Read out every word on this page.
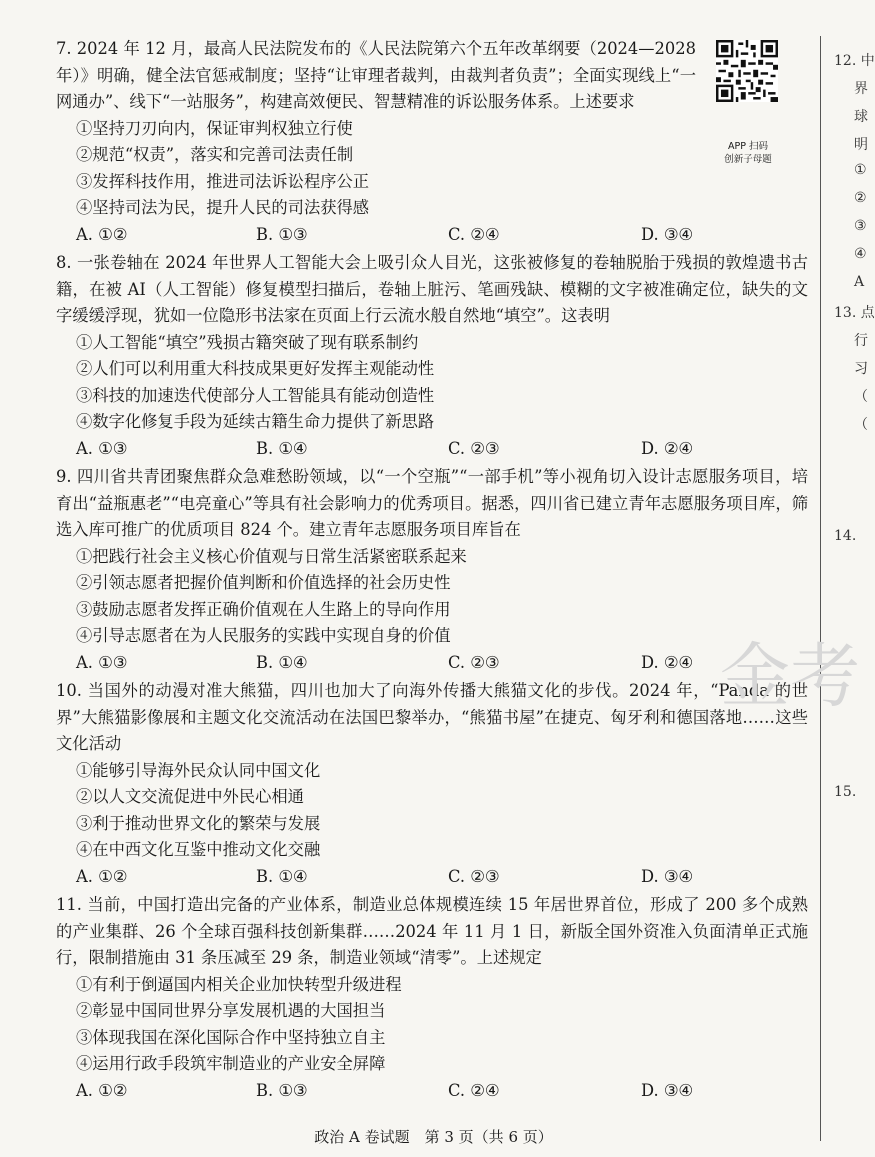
7. 2024 年 12 月，最高人民法院发布的《人民法院第六个五年改革纲要（2024—2028 年）》明确，健全法官惩戒制度；坚持“让审理者裁判，由裁判者负责”；全面实现线上“一网通办”、线下“一站服务”，构建高效便民、智慧精准的诉讼服务体系。上述要求

①坚持刀刃向内，保证审判权独立行使

②规范“权责”，落实和完善司法责任制

③发挥科技作用，推进司法诉讼程序公正

④坚持司法为民，提升人民的司法获得感

A. ①②	B. ①③	C. ②④	D. ③④

8. 一张卷轴在 2024 年世界人工智能大会上吸引众人目光，这张被修复的卷轴脱胎于残损的敦煌遗书古籍，在被 AI（人工智能）修复模型扫描后，卷轴上脏污、笔画残缺、模糊的文字被准确定位，缺失的文字缓缓浮现，犹如一位隐形书法家在页面上行云流水般自然地“填空”。这表明

①人工智能“填空”残损古籍突破了现有联系制约

②人们可以利用重大科技成果更好发挥主观能动性

③科技的加速迭代使部分人工智能具有能动创造性

④数字化修复手段为延续古籍生命力提供了新思路

A. ①③	B. ①④	C. ②③	D. ②④

9. 四川省共青团聚焦群众急难愁盼领域，以“一个空瓶”“一部手机”等小视角切入设计志愿服务项目，培育出“益瓶惠老”“电亮童心”等具有社会影响力的优秀项目。据悉，四川省已建立青年志愿服务项目库，筛选入库可推广的优质项目 824 个。建立青年志愿服务项目库旨在

①把践行社会主义核心价值观与日常生活紧密联系起来

②引领志愿者把握价值判断和价值选择的社会历史性

③鼓励志愿者发挥正确价值观在人生路上的导向作用

④引导志愿者在为人民服务的实践中实现自身的价值

A. ①③	B. ①④	C. ②③	D. ②④

10. 当国外的动漫对准大熊猫，四川也加大了向海外传播大熊猫文化的步伐。2024 年，“Panda 的世界”大熊猫影像展和主题文化交流活动在法国巴黎举办，“熊猫书屋”在捷克、匈牙利和德国落地……这些文化活动

①能够引导海外民众认同中国文化

②以人文交流促进中外民心相通

③利于推动世界文化的繁荣与发展

④在中西文化互鉴中推动文化交融

A. ①②	B. ①④	C. ②③	D. ③④

11. 当前，中国打造出完备的产业体系，制造业总体规模连续 15 年居世界首位，形成了 200 多个成熟的产业集群、26 个全球百强科技创新集群……2024 年 11 月 1 日，新版全国外资准入负面清单正式施行，限制措施由 31 条压减至 29 条，制造业领域“清零”。上述规定

①有利于倒逼国内相关企业加快转型升级进程

②彰显中国同世界分享发展机遇的大国担当

③体现我国在深化国际合作中坚持独立自主

④运用行政手段筑牢制造业的产业安全屏障

A. ①②	B. ①③	C. ②④	D. ③④
APP 扫码
创新子母题
12. 中
界
球
明
①
②
③
④
A
13. 点
行
习
（
（
14.
15.
金考
政治 A 卷试题　第 3 页（共 6 页）
